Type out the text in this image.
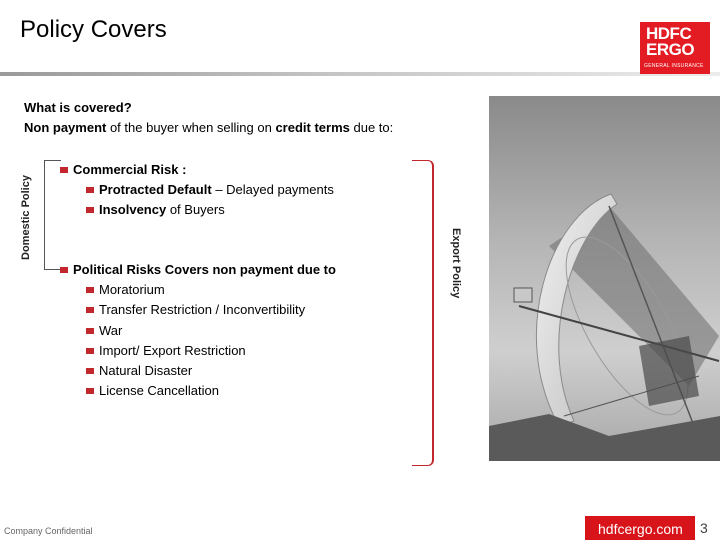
Policy Covers	HDFC
ERGO
GENERAL INSURANCE
What is covered?
Non payment of the buyer when selling on credit terms due to:
Domestic Policy
Export Policy
Commercial Risk :
Protracted Default – Delayed payments
Insolvency of Buyers
Political Risks Covers non payment due to
Moratorium
Transfer Restriction / Inconvertibility
War
Import/ Export Restriction
Natural Disaster
License Cancellation
Company Confidential	hdfcergo.com 3
